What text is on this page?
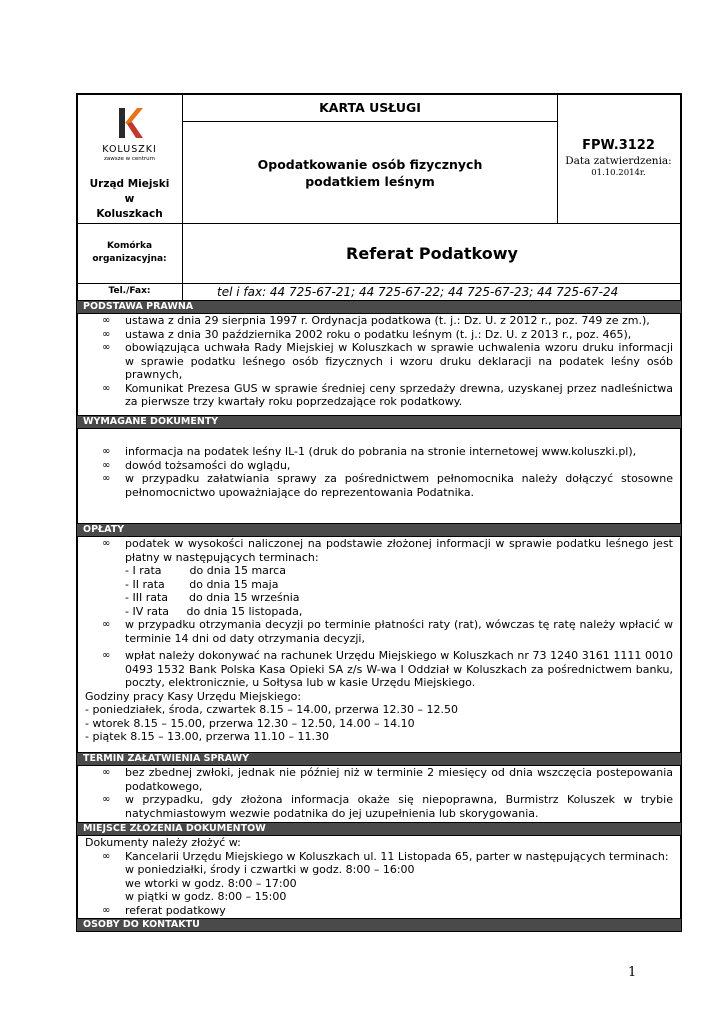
KOLUSZKI
zawsze w centrum
Urząd Miejski
w
Koluszkach
KARTA USŁUGI
Opodatkowanie osób fizycznych
podatkiem leśnym
FPW.3122
Data zatwierdzenia:
01.10.2014r.
Komórka
organizacyjna:	Referat Podatkowy
Tel./Fax:	tel i fax: 44 725-67-21; 44 725-67-22; 44 725-67-23; 44 725-67-24
PODSTAWA PRAWNA
∞ ustawa z dnia 29 sierpnia 1997 r. Ordynacja podatkowa (t. j.: Dz. U. z 2012 r., poz. 749 ze zm.),
∞ ustawa z dnia 30 października 2002 roku o podatku leśnym (t. j.: Dz. U. z 2013 r., poz. 465),
∞ obowiązująca uchwała Rady Miejskiej w Koluszkach w sprawie uchwalenia wzoru druku informacji w sprawie podatku leśnego osób fizycznych i wzoru druku deklaracji na podatek leśny osób prawnych,
∞ Komunikat Prezesa GUS w sprawie średniej ceny sprzedaży drewna, uzyskanej przez nadleśnictwa za pierwsze trzy kwartały roku poprzedzające rok podatkowy.
WYMAGANE DOKUMENTY
∞ informacja na podatek leśny IL-1 (druk do pobrania na stronie internetowej www.koluszki.pl),
∞ dowód tożsamości do wglądu,
∞ w przypadku załatwiania sprawy za pośrednictwem pełnomocnika należy dołączyć stosowne pełnomocnictwo upoważniające do reprezentowania Podatnika.
OPŁATY
∞ podatek w wysokości naliczonej na podstawie złożonej informacji w sprawie podatku leśnego jest płatny w następujących terminach:
- I rata        do dnia 15 marca
- II rata       do dnia 15 maja
- III rata      do dnia 15 września
- IV rata     do dnia 15 listopada,
∞ w przypadku otrzymania decyzji po terminie płatności raty (rat), wówczas tę ratę należy wpłacić w terminie 14 dni od daty otrzymania decyzji,
∞ wpłat należy dokonywać na rachunek Urzędu Miejskiego w Koluszkach nr 73 1240 3161 1111 0010 0493 1532 Bank Polska Kasa Opieki SA z/s W-wa I Oddział w Koluszkach za pośrednictwem banku, poczty, elektronicznie, u Sołtysa lub w kasie Urzędu Miejskiego.
Godziny pracy Kasy Urzędu Miejskiego:
- poniedziałek, środa, czwartek 8.15 – 14.00, przerwa 12.30 – 12.50
- wtorek 8.15 – 15.00, przerwa 12.30 – 12.50, 14.00 – 14.10
- piątek 8.15 – 13.00, przerwa 11.10 – 11.30
TERMIN ZAŁATWIENIA SPRAWY
∞ bez zbednej zwłoki, jednak nie później niż w terminie 2 miesięcy od dnia wszczęcia postepowania podatkowego,
∞ w przypadku, gdy złożona informacja okaże się niepoprawna, Burmistrz Koluszek w trybie natychmiastowym wezwie podatnika do jej uzupełnienia lub skorygowania.
MIEJSCE ZŁOŻENIA DOKUMENTÓW
Dokumenty należy złożyć w:
∞ Kancelarii Urzędu Miejskiego w Koluszkach ul. 11 Listopada 65, parter w następujących terminach:
w poniedziałki, środy i czwartki w godz. 8:00 – 16:00
we wtorki w godz. 8:00 – 17:00
w piątki w godz. 8:00 – 15:00
∞ referat podatkowy
OSOBY DO KONTAKTU
1
